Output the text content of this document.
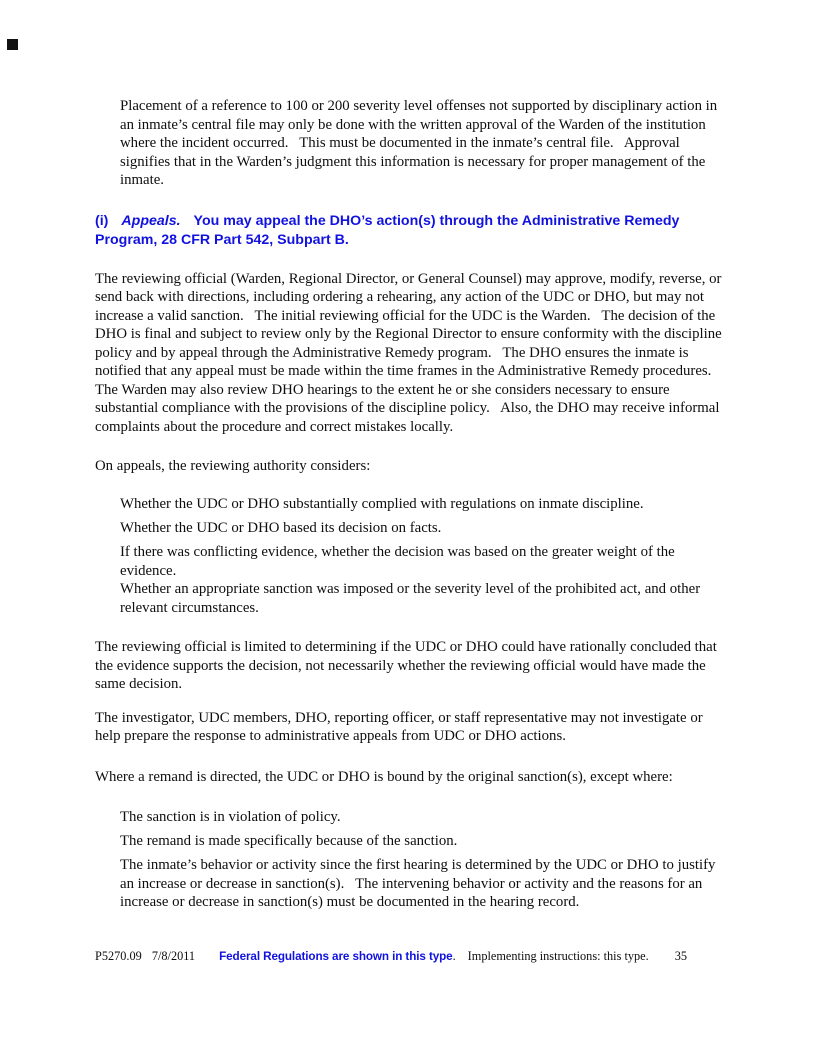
Placement of a reference to 100 or 200 severity level offenses not supported by disciplinary action in an inmate’s central file may only be done with the written approval of the Warden of the institution where the incident occurred.   This must be documented in the inmate’s central file.   Approval signifies that in the Warden’s judgment this information is necessary for proper management of the inmate.
(i) Appeals. You may appeal the DHO’s action(s) through the Administrative Remedy Program, 28 CFR Part 542, Subpart B.

The reviewing official (Warden, Regional Director, or General Counsel) may approve, modify, reverse, or send back with directions, including ordering a rehearing, any action of the UDC or DHO, but may not increase a valid sanction.   The initial reviewing official for the UDC is the Warden.   The decision of the DHO is final and subject to review only by the Regional Director to ensure conformity with the discipline policy and by appeal through the Administrative Remedy program.   The DHO ensures the inmate is notified that any appeal must be made within the time frames in the Administrative Remedy procedures.   The Warden may also review DHO hearings to the extent he or she considers necessary to ensure substantial compliance with the provisions of the discipline policy.   Also, the DHO may receive informal complaints about the procedure and correct mistakes locally.

On appeals, the reviewing authority considers:

Whether the UDC or DHO substantially complied with regulations on inmate discipline.
Whether the UDC or DHO based its decision on facts.
If there was conflicting evidence, whether the decision was based on the greater weight of the evidence.
Whether an appropriate sanction was imposed or the severity level of the prohibited act, and other relevant circumstances.

The reviewing official is limited to determining if the UDC or DHO could have rationally concluded that the evidence supports the decision, not necessarily whether the reviewing official would have made the same decision.

The investigator, UDC members, DHO, reporting officer, or staff representative may not investigate or help prepare the response to administrative appeals from UDC or DHO actions.

Where a remand is directed, the UDC or DHO is bound by the original sanction(s), except where:

The sanction is in violation of policy.
The remand is made specifically because of the sanction.
The inmate’s behavior or activity since the first hearing is determined by the UDC or DHO to justify an increase or decrease in sanction(s).   The intervening behavior or activity and the reasons for an increase or decrease in sanction(s) must be documented in the hearing record.
P5270.09 7/8/2011 Federal Regulations are shown in this type. Implementing instructions: this type. 35
